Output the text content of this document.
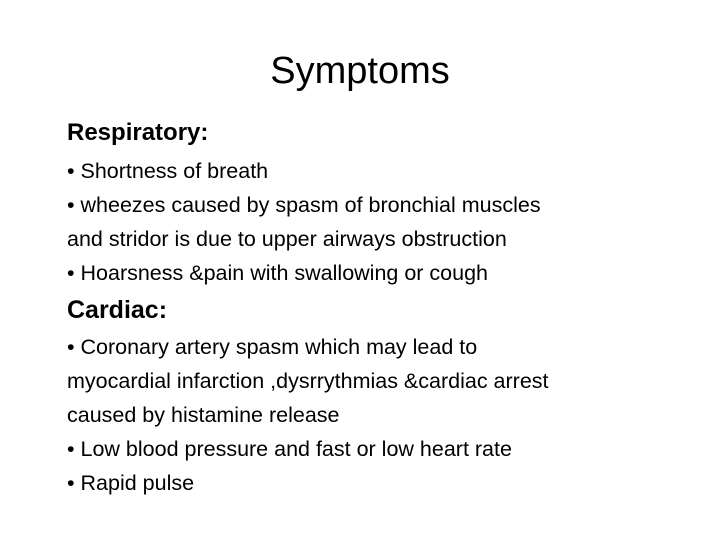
Symptoms
Respiratory:
• Shortness of breath
• wheezes caused by spasm of bronchial muscles
and stridor is due to upper airways obstruction
• Hoarsness &pain with swallowing or cough
Cardiac:
• Coronary artery spasm which may lead to
myocardial infarction ,dysrrythmias &cardiac arrest
caused by histamine release
• Low blood pressure and fast or low heart rate
• Rapid pulse
